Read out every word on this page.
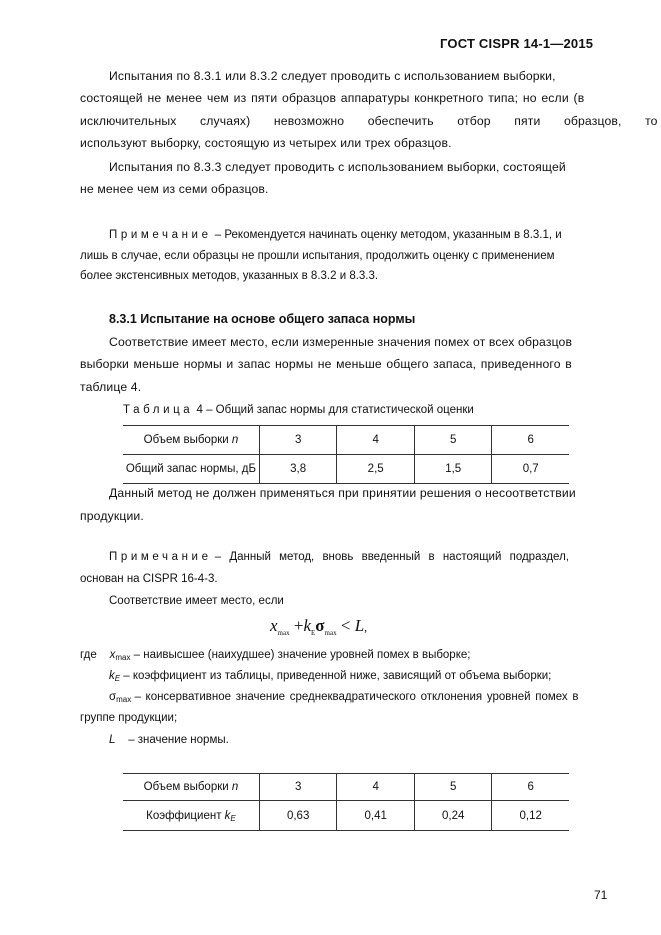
ГОСТ CISPR 14-1—2015
Испытания по 8.3.1 или 8.3.2 следует проводить с использованием выборки,
состоящей не менее чем из пяти образцов аппаратуры конкретного типа; но если (в
исключительных случаях) невозможно обеспечить отбор пяти образцов, то
используют выборку, состоящую из четырех или трех образцов.
Испытания по 8.3.3 следует проводить с использованием выборки, состоящей
не менее чем из семи образцов.
Примечание – Рекомендуется начинать оценку методом, указанным в 8.3.1, и
лишь в случае, если образцы не прошли испытания, продолжить оценку с применением
более экстенсивных методов, указанных в 8.3.2 и 8.3.3.
8.3.1 Испытание на основе общего запаса нормы
Соответствие имеет место, если измеренные значения помех от всех образцов
выборки меньше нормы и запас нормы не меньше общего запаса, приведенного в
таблице 4.
Таблица 4 – Общий запас нормы для статистической оценки
Объем выборки n	3	4	5	6
Общий запас нормы, дБ	3,8	2,5	1,5	0,7
Данный метод не должен применяться при принятии решения о несоответствии
продукции.
Примечание – Данный метод, вновь введенный в настоящий подраздел,
основан на CISPR 16-4-3.
Соответствие имеет место, если
$x_{max} +k_E\sigma_{max} < L$,
где xmax – наивысшее (наихудшее) значение уровней помех в выборке;
kE – коэффициент из таблицы, приведенной ниже, зависящий от объема выборки;
σmax – консервативное значение среднеквадратического отклонения уровней помех в
группе продукции;
L – значение нормы.
Объем выборки n	3	4	5	6
Коэффициент kE	0,63	0,41	0,24	0,12
71
